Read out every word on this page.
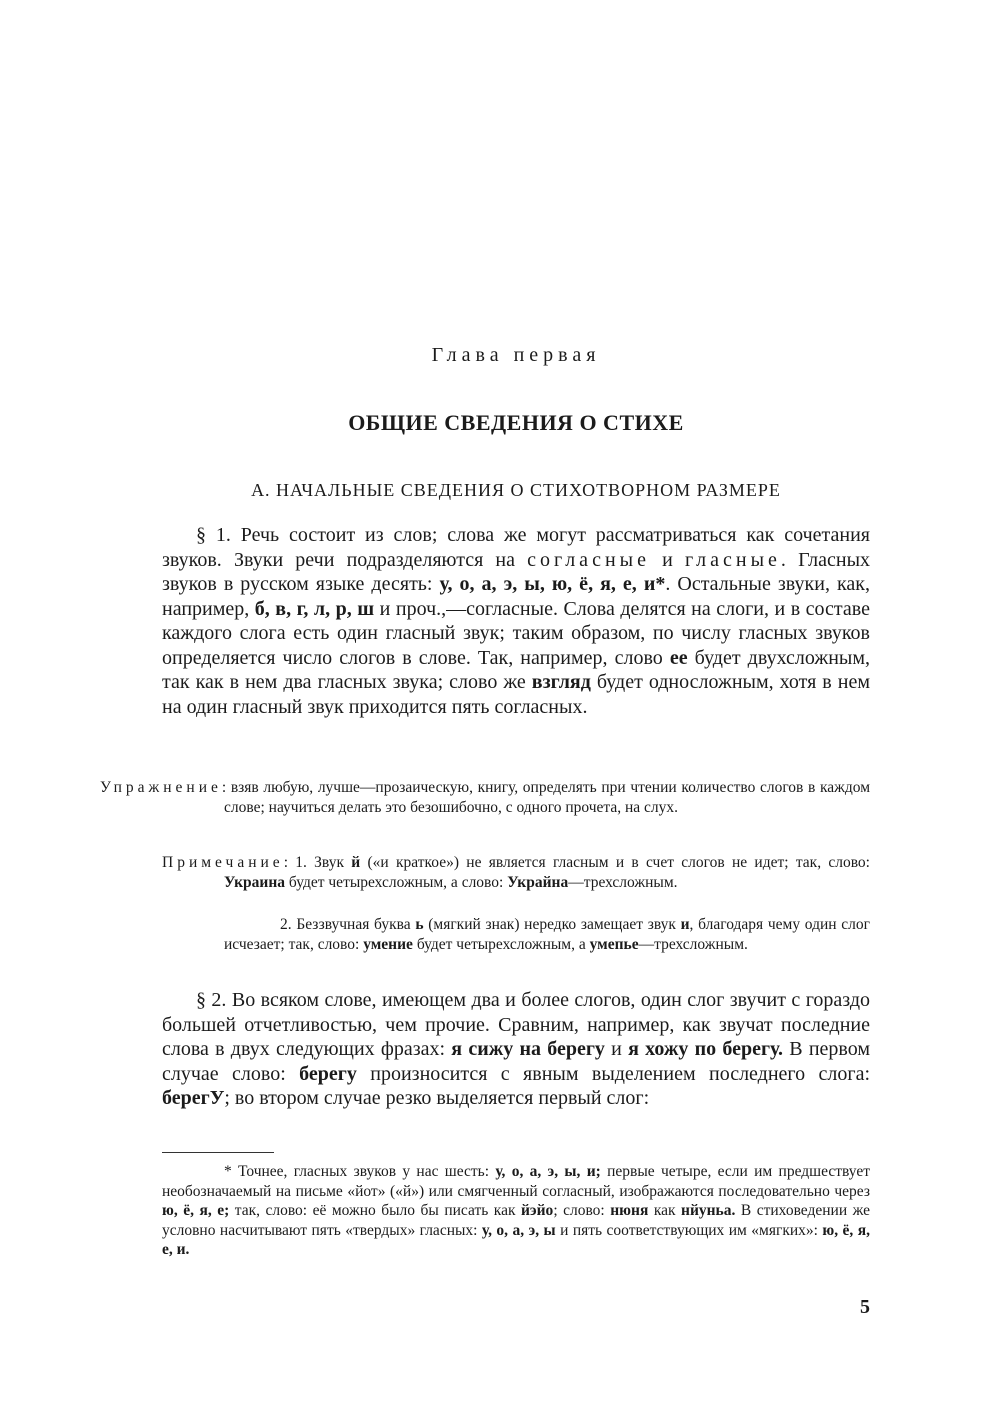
Глава первая
ОБЩИЕ СВЕДЕНИЯ О СТИХЕ
А. НАЧАЛЬНЫЕ СВЕДЕНИЯ О СТИХОТВОРНОМ РАЗМЕРЕ
§ 1. Речь состоит из слов; слова же могут рассматриваться как сочетания звуков. Звуки речи подразделяются на согласные и гласные. Гласных звуков в русском языке десять: у, о, а, э, ы, ю, ё, я, е, и*. Остальные звуки, как, например, б, в, г, л, р, ш и проч.,—согласные. Слова делятся на слоги, и в составе каждого слога есть один гласный звук; таким образом, по числу гласных звуков определяется число слогов в слове. Так, например, слово ее будет двухсложным, так как в нем два гласных звука; слово же взгляд будет односложным, хотя в нем на один гласный звук приходится пять согласных.
Упражнение: взяв любую, лучше—прозаическую, книгу, определять при чтении количество слогов в каждом слове; научиться делать это безошибочно, с одного прочета, на слух.
Примечание: 1. Звук й («и краткое») не является гласным и в счет слогов не идет; так, слово: Украина будет четырехсложным, а слово: Украйна—трехсложным.
2. Беззвучная буква ь (мягкий знак) нередко замещает звук и, благодаря чему один слог исчезает; так, слово: умение будет четырехсложным, а умепье—трехсложным.
§ 2. Во всяком слове, имеющем два и более слогов, один слог звучит с гораздо большей отчетливостью, чем прочие. Сравним, например, как звучат последние слова в двух следующих фразах: я сижу на берегу и я хожу по берегу. В первом случае слово: берегу произносится с явным выделением последнего слога: берегУ; во втором случае резко выделяется первый слог:
* Точнее, гласных звуков у нас шесть: у, о, а, э, ы, и; первые четыре, если им предшествует необозначаемый на письме «йот» («й») или смягченный согласный, изображаются последовательно через ю, ё, я, е; так, слово: её можно было бы писать как йэйо; слово: нюня как нйуньа. В стиховедении же условно насчитывают пять «твердых» гласных: у, о, а, э, ы и пять соответствующих им «мягких»: ю, ё, я, е, и.
5
